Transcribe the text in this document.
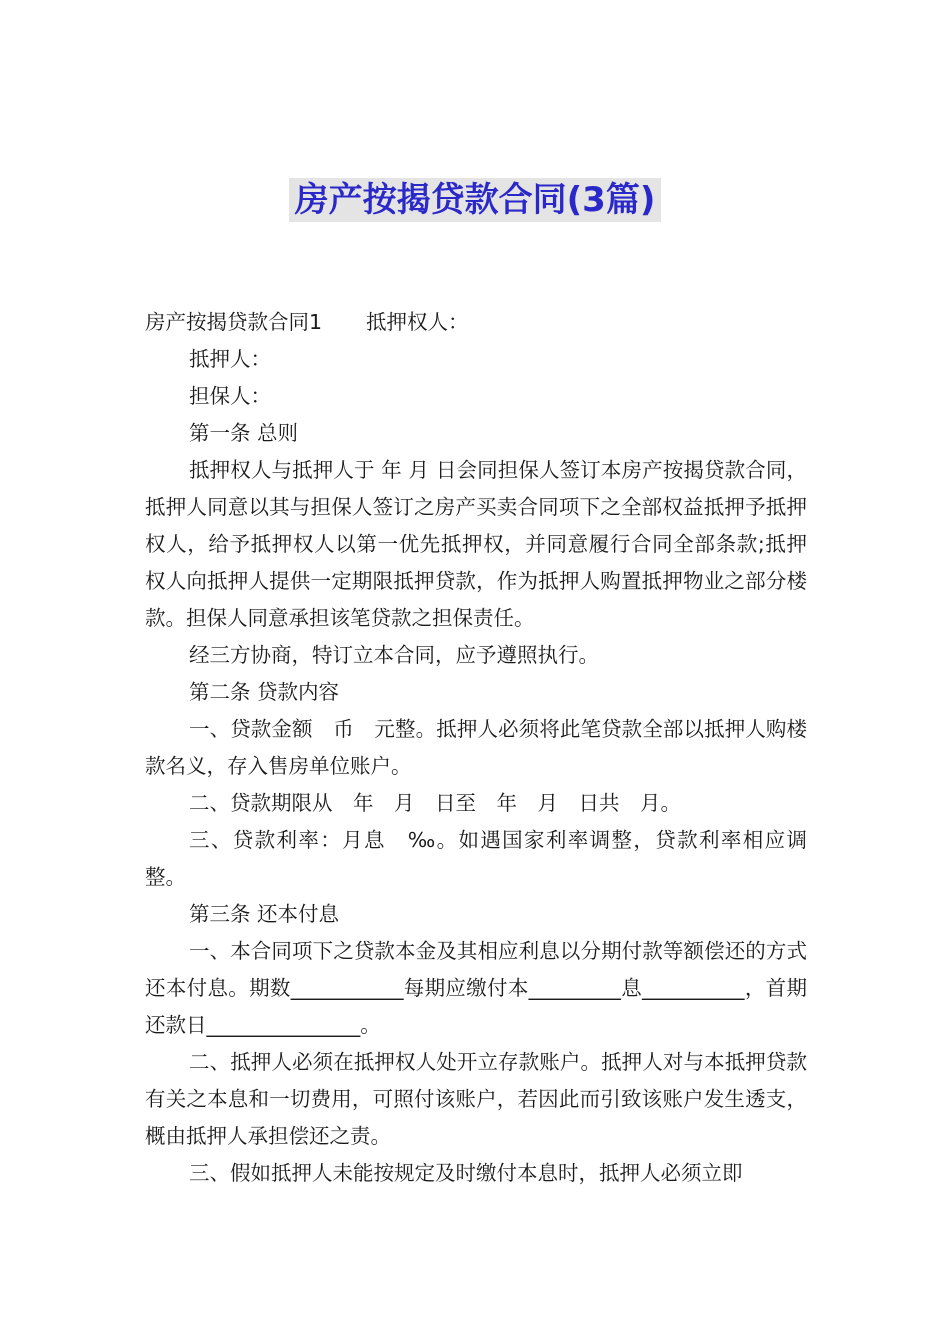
房产按揭贷款合同(3篇)

房产按揭贷款合同1 抵押权人：

抵押人：

担保人：

第一条 总则

抵押权人与抵押人于 年 月 日会同担保人签订本房产按揭贷款合同，抵押人同意以其与担保人签订之房产买卖合同项下之全部权益抵押予抵押权人，给予抵押权人以第一优先抵押权，并同意履行合同全部条款;抵押权人向抵押人提供一定期限抵押贷款，作为抵押人购置抵押物业之部分楼款。担保人同意承担该笔贷款之担保责任。

经三方协商，特订立本合同，应予遵照执行。

第二条 贷款内容

一、贷款金额　币　元整。抵押人必须将此笔贷款全部以抵押人购楼款名义，存入售房单位账户。

二、贷款期限从　年　月　日至　年　月　日共　月。

三、贷款利率：月息　‰。如遇国家利率调整，贷款利率相应调整。

第三条 还本付息

一、本合同项下之贷款本金及其相应利息以分期付款等额偿还的方式还本付息。期数___________每期应缴付本_________息__________，首期还款日_______________。

二、抵押人必须在抵押权人处开立存款账户。抵押人对与本抵押贷款有关之本息和一切费用，可照付该账户，若因此而引致该账户发生透支，概由抵押人承担偿还之责。

三、假如抵押人未能按规定及时缴付本息时，抵押人必须立即
